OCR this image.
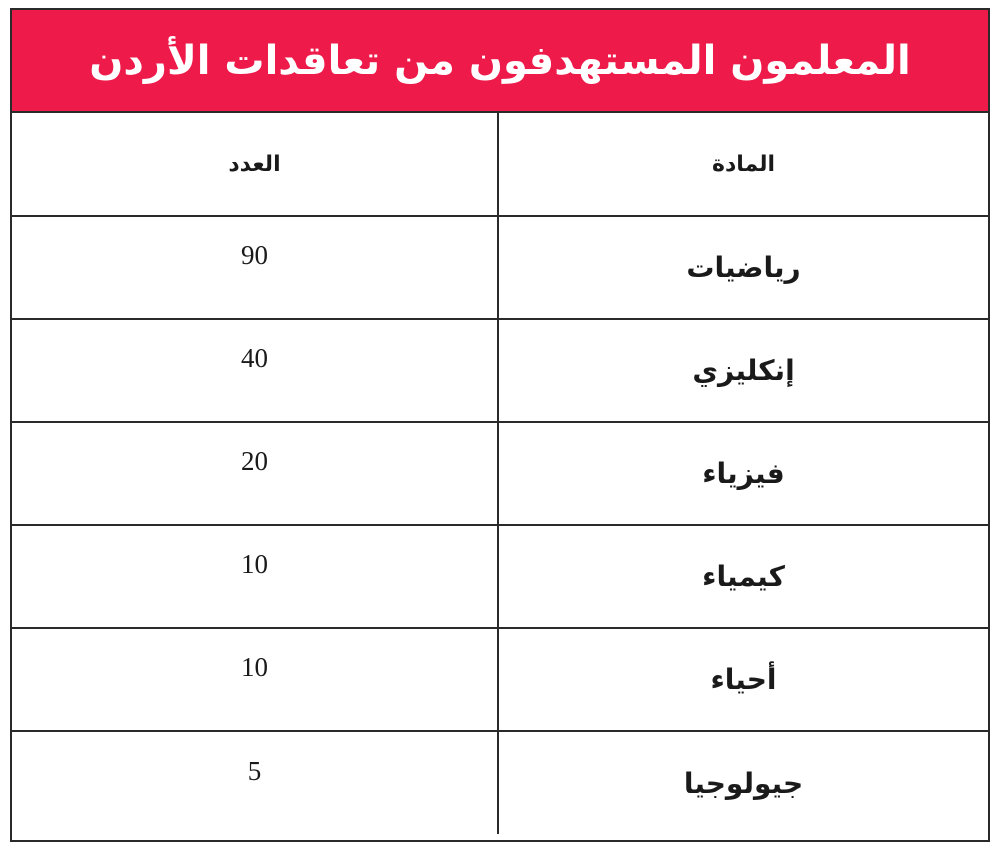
المعلمون المستهدفون من تعاقدات الأردن
المادة	العدد
رياضيات	90
إنكليزي	40
فيزياء	20
كيمياء	10
أحياء	10
جيولوجيا	5
